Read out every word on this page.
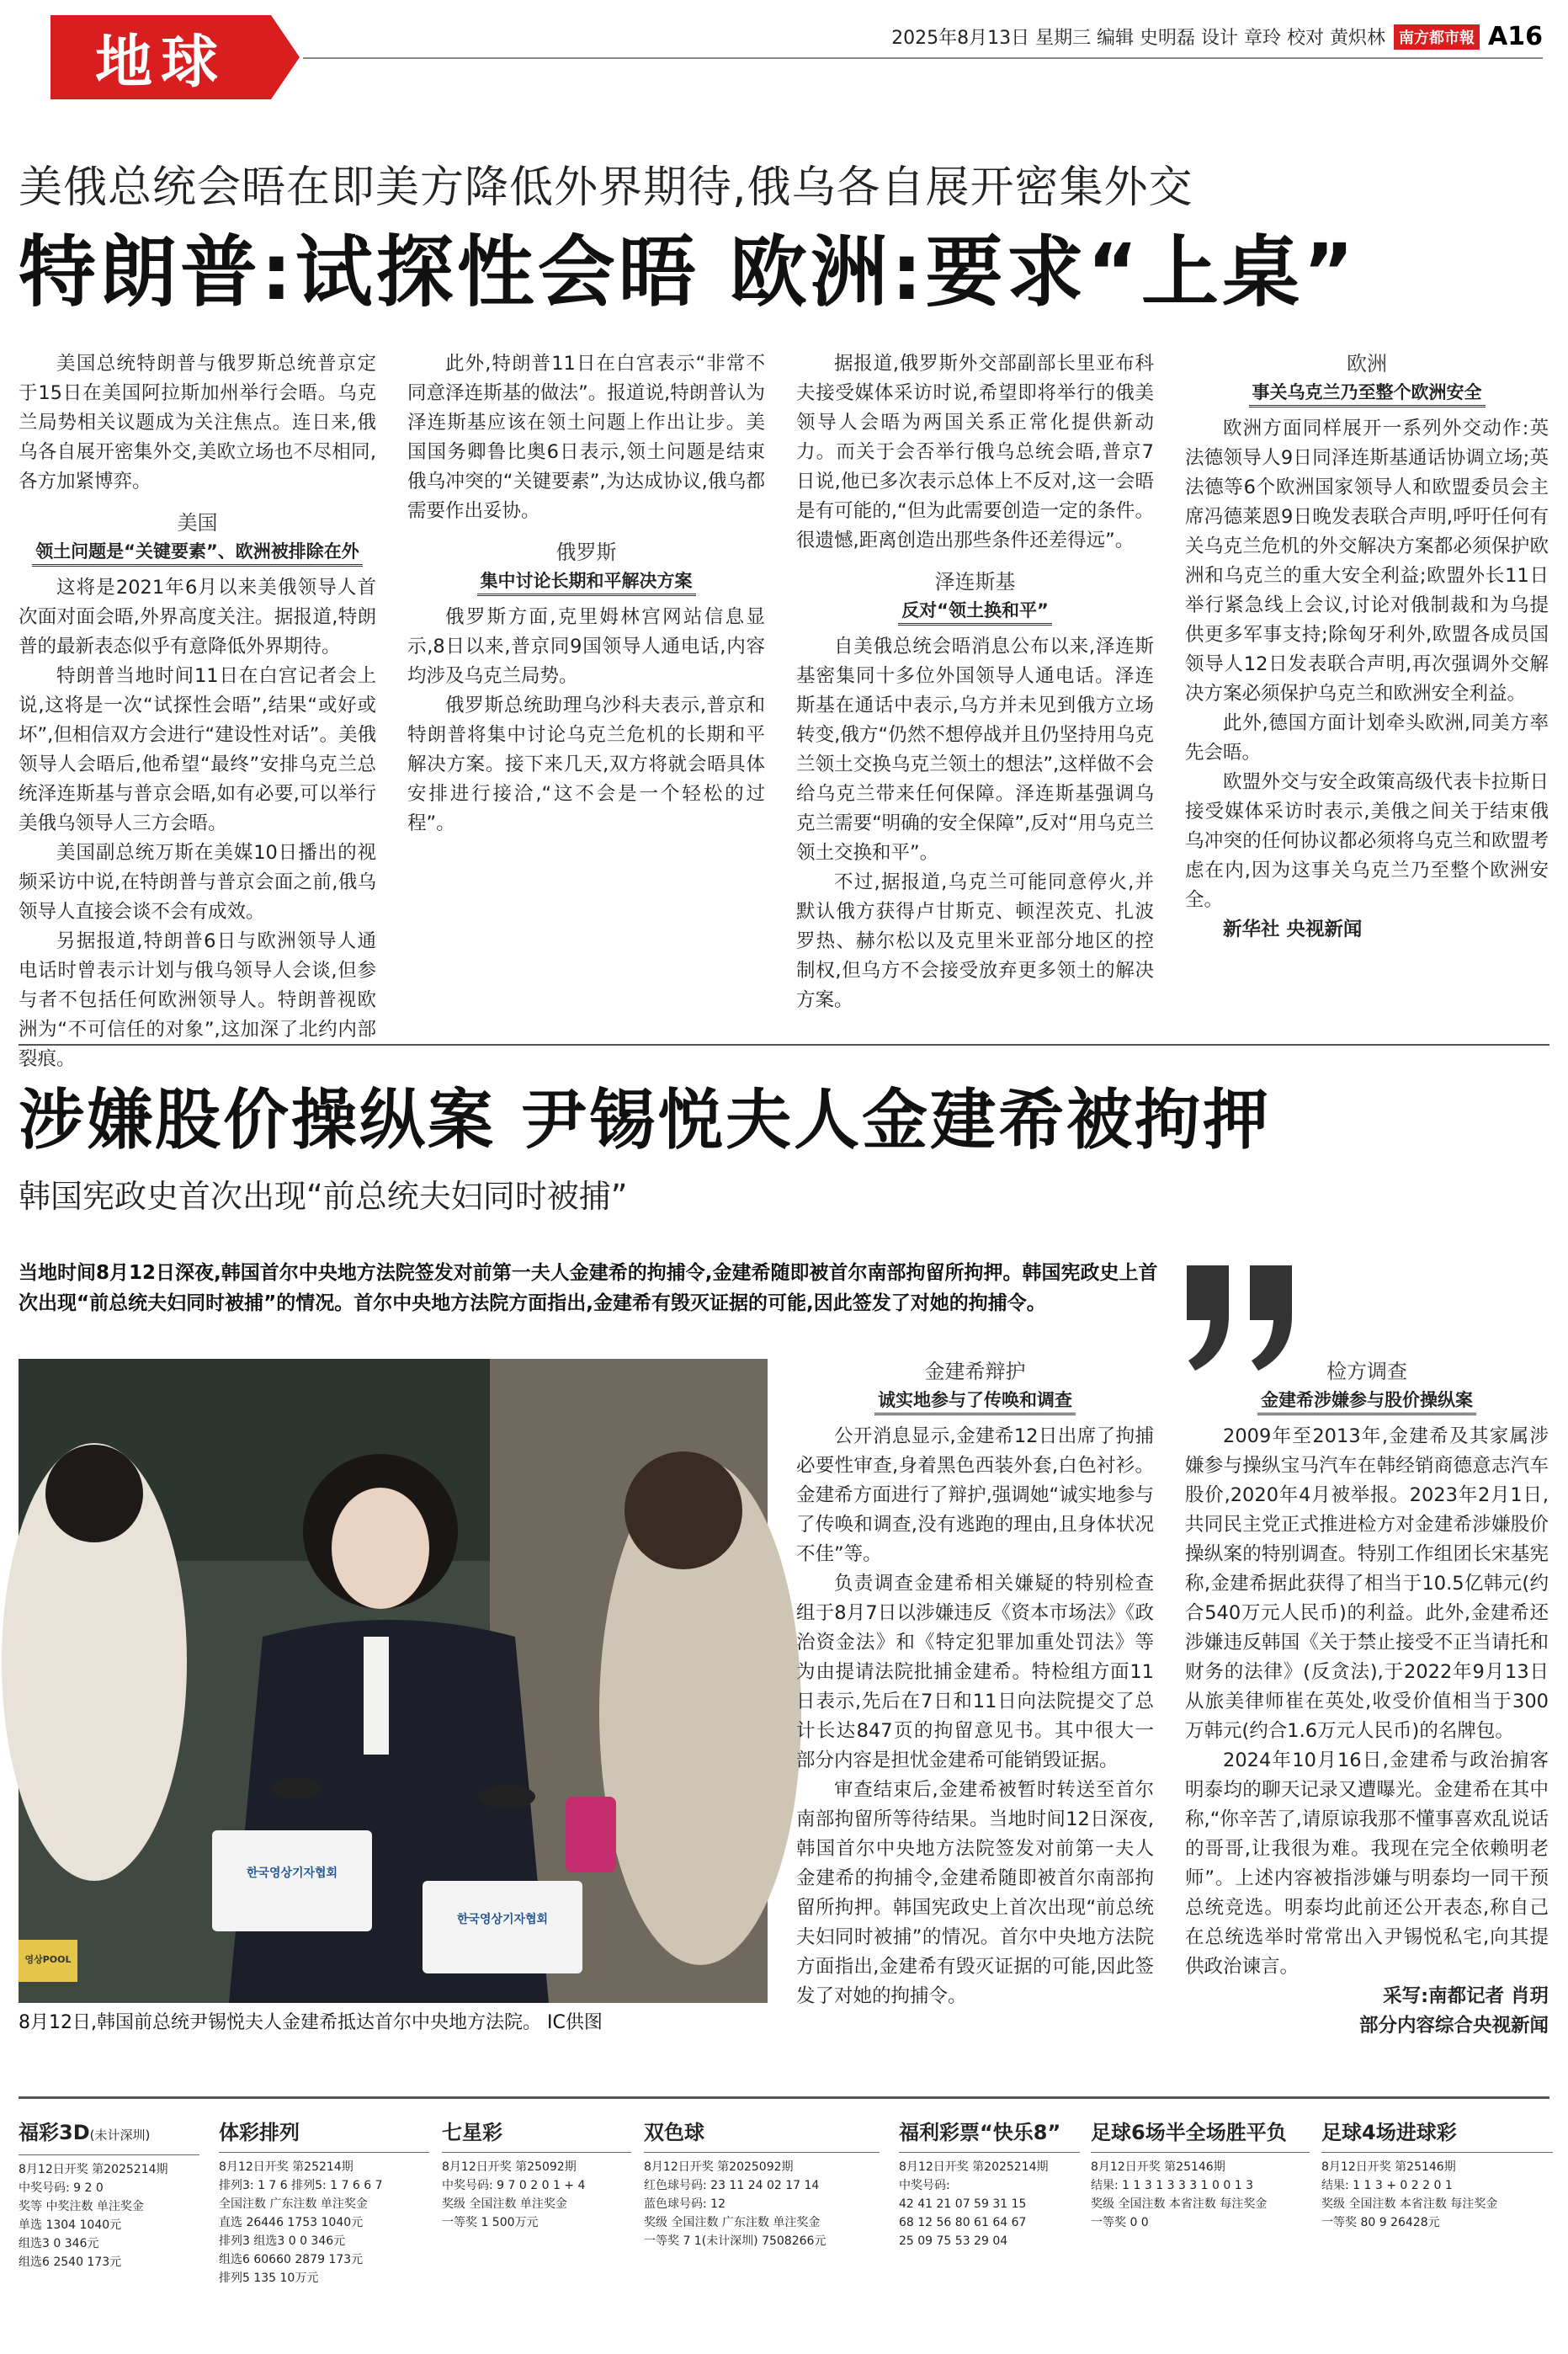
地球	2025年8月13日 星期三 编辑 史明磊 设计 章玲 校对 黄炽林 南方都市報 A16
美俄总统会晤在即美方降低外界期待,俄乌各自展开密集外交
特朗普:试探性会晤 欧洲:要求“上桌”

美国总统特朗普与俄罗斯总统普京定于15日在美国阿拉斯加州举行会晤。乌克兰局势相关议题成为关注焦点。连日来,俄乌各自展开密集外交,美欧立场也不尽相同,各方加紧博弈。

美国
领土问题是“关键要素”、欧洲被排除在外

这将是2021年6月以来美俄领导人首次面对面会晤,外界高度关注。据报道,特朗普的最新表态似乎有意降低外界期待。

特朗普当地时间11日在白宫记者会上说,这将是一次“试探性会晤”,结果“或好或坏”,但相信双方会进行“建设性对话”。美俄领导人会晤后,他希望“最终”安排乌克兰总统泽连斯基与普京会晤,如有必要,可以举行美俄乌领导人三方会晤。

美国副总统万斯在美媒10日播出的视频采访中说,在特朗普与普京会面之前,俄乌领导人直接会谈不会有成效。

另据报道,特朗普6日与欧洲领导人通电话时曾表示计划与俄乌领导人会谈,但参与者不包括任何欧洲领导人。特朗普视欧洲为“不可信任的对象”,这加深了北约内部裂痕。

此外,特朗普11日在白宫表示“非常不同意泽连斯基的做法”。报道说,特朗普认为泽连斯基应该在领土问题上作出让步。美国国务卿鲁比奥6日表示,领土问题是结束俄乌冲突的“关键要素”,为达成协议,俄乌都需要作出妥协。

俄罗斯
集中讨论长期和平解决方案

俄罗斯方面,克里姆林宫网站信息显示,8日以来,普京同9国领导人通电话,内容均涉及乌克兰局势。

俄罗斯总统助理乌沙科夫表示,普京和特朗普将集中讨论乌克兰危机的长期和平解决方案。接下来几天,双方将就会晤具体安排进行接洽,“这不会是一个轻松的过程”。

据报道,俄罗斯外交部副部长里亚布科夫接受媒体采访时说,希望即将举行的俄美领导人会晤为两国关系正常化提供新动力。而关于会否举行俄乌总统会晤,普京7日说,他已多次表示总体上不反对,这一会晤是有可能的,“但为此需要创造一定的条件。很遗憾,距离创造出那些条件还差得远”。

泽连斯基
反对“领土换和平”

自美俄总统会晤消息公布以来,泽连斯基密集同十多位外国领导人通电话。泽连斯基在通话中表示,乌方并未见到俄方立场转变,俄方“仍然不想停战并且仍坚持用乌克兰领土交换乌克兰领土的想法”,这样做不会给乌克兰带来任何保障。泽连斯基强调乌克兰需要“明确的安全保障”,反对“用乌克兰领土交换和平”。

不过,据报道,乌克兰可能同意停火,并默认俄方获得卢甘斯克、顿涅茨克、扎波罗热、赫尔松以及克里米亚部分地区的控制权,但乌方不会接受放弃更多领土的解决方案。

欧洲
事关乌克兰乃至整个欧洲安全

欧洲方面同样展开一系列外交动作:英法德领导人9日同泽连斯基通话协调立场;英法德等6个欧洲国家领导人和欧盟委员会主席冯德莱恩9日晚发表联合声明,呼吁任何有关乌克兰危机的外交解决方案都必须保护欧洲和乌克兰的重大安全利益;欧盟外长11日举行紧急线上会议,讨论对俄制裁和为乌提供更多军事支持;除匈牙利外,欧盟各成员国领导人12日发表联合声明,再次强调外交解决方案必须保护乌克兰和欧洲安全利益。

此外,德国方面计划牵头欧洲,同美方率先会晤。

欧盟外交与安全政策高级代表卡拉斯日接受媒体采访时表示,美俄之间关于结束俄乌冲突的任何协议都必须将乌克兰和欧盟考虑在内,因为这事关乌克兰乃至整个欧洲安全。

新华社 央视新闻

涉嫌股价操纵案 尹锡悦夫人金建希被拘押
韩国宪政史首次出现“前总统夫妇同时被捕”
当地时间8月12日深夜,韩国首尔中央地方法院签发对前第一夫人金建希的拘捕令,金建希随即被首尔南部拘留所拘押。韩国宪政史上首次出现“前总统夫妇同时被捕”的情况。首尔中央地方法院方面指出,金建希有毁灭证据的可能,因此签发了对她的拘捕令。
한국영상기자협회
한국영상기자협회
영상POOL
8月12日,韩国前总统尹锡悦夫人金建希抵达首尔中央地方法院。 IC供图
金建希辩护
诚实地参与了传唤和调查

公开消息显示,金建希12日出席了拘捕必要性审查,身着黑色西装外套,白色衬衫。金建希方面进行了辩护,强调她“诚实地参与了传唤和调查,没有逃跑的理由,且身体状况不佳”等。

负责调查金建希相关嫌疑的特别检查组于8月7日以涉嫌违反《资本市场法》《政治资金法》和《特定犯罪加重处罚法》等为由提请法院批捕金建希。特检组方面11日表示,先后在7日和11日向法院提交了总计长达847页的拘留意见书。其中很大一部分内容是担忧金建希可能销毁证据。

审查结束后,金建希被暂时转送至首尔南部拘留所等待结果。当地时间12日深夜,韩国首尔中央地方法院签发对前第一夫人金建希的拘捕令,金建希随即被首尔南部拘留所拘押。韩国宪政史上首次出现“前总统夫妇同时被捕”的情况。首尔中央地方法院方面指出,金建希有毁灭证据的可能,因此签发了对她的拘捕令。

检方调查
金建希涉嫌参与股价操纵案

2009年至2013年,金建希及其家属涉嫌参与操纵宝马汽车在韩经销商德意志汽车股价,2020年4月被举报。2023年2月1日,共同民主党正式推进检方对金建希涉嫌股价操纵案的特别调查。特别工作组团长宋基宪称,金建希据此获得了相当于10.5亿韩元(约合540万元人民币)的利益。此外,金建希还涉嫌违反韩国《关于禁止接受不正当请托和财务的法律》(反贪法),于2022年9月13日从旅美律师崔在英处,收受价值相当于300万韩元(约合1.6万元人民币)的名牌包。

2024年10月16日,金建希与政治掮客明泰均的聊天记录又遭曝光。金建希在其中称,“你辛苦了,请原谅我那不懂事喜欢乱说话的哥哥,让我很为难。我现在完全依赖明老师”。上述内容被指涉嫌与明泰均一同干预总统竞选。明泰均此前还公开表态,称自己在总统选举时常常出入尹锡悦私宅,向其提供政治谏言。

采写:南都记者 肖玥

部分内容综合央视新闻

福彩3D(未计深圳)
8月12日开奖 第2025214期
中奖号码: 9 2 0
奖等 中奖注数 单注奖金
单选 1304 1040元
组选3 0 346元
组选6 2540 173元
体彩排列
8月12日开奖 第25214期
排列3: 1 7 6 排列5: 1 7 6 6 7
全国注数 广东注数 单注奖金
直选 26446 1753 1040元
排列3 组选3 0 0 346元
组选6 60660 2879 173元
排列5 135 10万元
七星彩
8月12日开奖 第25092期
中奖号码: 9 7 0 2 0 1 + 4
奖级 全国注数 单注奖金
一等奖 1 500万元
双色球
8月12日开奖 第2025092期
红色球号码: 23 11 24 02 17 14
蓝色球号码: 12
奖级 全国注数 广东注数 单注奖金
一等奖 7 1(未计深圳) 7508266元
福利彩票“快乐8”
8月12日开奖 第2025214期
中奖号码:
42 41 21 07 59 31 15
68 12 56 80 61 64 67
25 09 75 53 29 04
足球6场半全场胜平负
8月12日开奖 第25146期
结果: 1 1 3 1 3 3 3 1 0 0 1 3
奖级 全国注数 本省注数 每注奖金
一等奖 0 0
足球4场进球彩
8月12日开奖 第25146期
结果: 1 1 3 + 0 2 2 0 1
奖级 全国注数 本省注数 每注奖金
一等奖 80 9 26428元
